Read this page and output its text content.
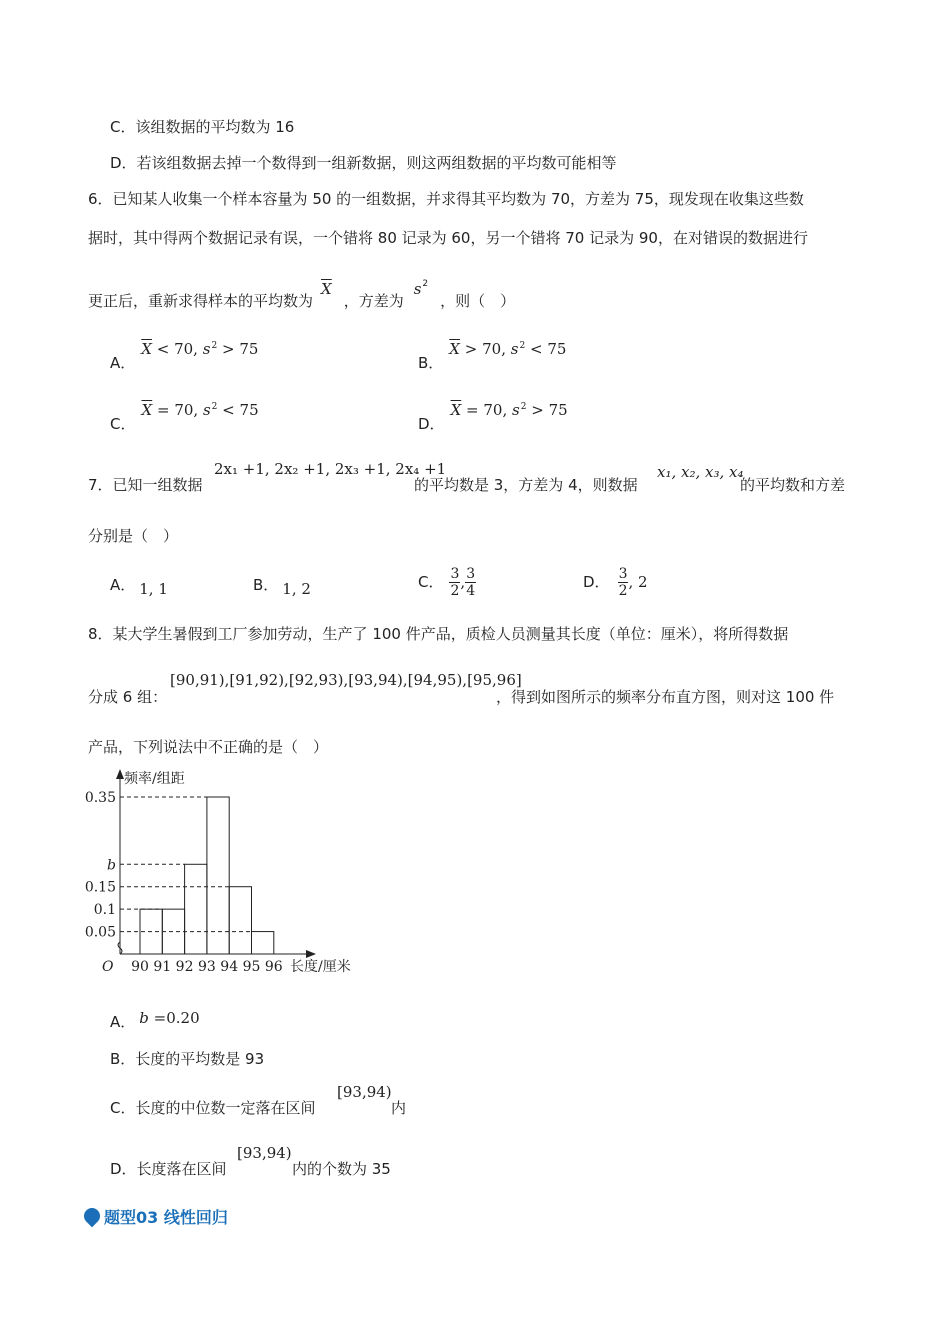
C．该组数据的平均数为 16
D．若该组数据去掉一个数得到一组新数据，则这两组数据的平均数可能相等
6．已知某人收集一个样本容量为 50 的一组数据，并求得其平均数为 70，方差为 75，现发现在收集这些数
据时，其中得两个数据记录有误，一个错将 80 记录为 60，另一个错将 70 记录为 90，在对错误的数据进行
更正后，重新求得样本的平均数为$\overline{X}$，方差为$s^2$，则（　）
A．$\overline{X} < 70$, $s^2 > 75$
B．$\overline{X} > 70$, $s^2 < 75$
C．$\overline{X} = 70$, $s^2 < 75$
D．$\overline{X} = 70$, $s^2 > 75$
7．已知一组数据
2x₁ +1, 2x₂ +1, 2x₃ +1, 2x₄ +1
的平均数是 3，方差为 4，则数据
x₁, x₂, x₃, x₄
的平均数和方差
分别是（　）
A． 1, 1	B． 1, 2	C． $\frac{3}{2}$ , $\frac{3}{4}$	D． $\frac{3}{2}$ , 2
8．某大学生暑假到工厂参加劳动，生产了 100 件产品，质检人员测量其长度（单位：厘米），将所得数据
分成 6 组：
[90,91),[91,92),[92,93),[93,94),[94,95),[95,96]
，得到如图所示的频率分布直方图，则对这 100 件
产品，下列说法中不正确的是（　）
0.35
b
0.15
0.1
0.05
90 91 92 93 94 95 96
O
频率/组距
长度/厘米
A． b =0.20
B．长度的平均数是 93
C．长度的中位数一定落在区间
[93,94)
内
D．长度落在区间
[93,94)
内的个数为 35
题型 03 线性回归
